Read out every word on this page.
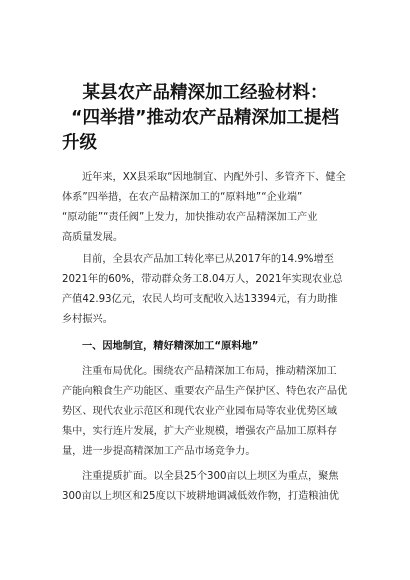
某县农产品精深加工经验材料：
“四举措”推动农产品精深加工提档
升级
近年来，XX县采取“因地制宜、内配外引、多管齐下、健全
体系”四举措，在农产品精深加工的“原料地”“企业端”
“原动能”“责任阀”上发力，加快推动农产品精深加工产业
高质量发展。
目前，全县农产品加工转化率已从2017年的14.9%增至
2021年的60%，带动群众务工8.04万人，2021年实现农业总
产值42.93亿元，农民人均可支配收入达13394元，有力助推
乡村振兴。
一、因地制宜，精好精深加工“原料地”
注重布局优化。围绕农产品精深加工布局，推动精深加工
产能向粮食生产功能区、重要农产品生产保护区、特色农产品优
势区、现代农业示范区和现代农业产业园布局等农业优势区域
集中，实行连片发展，扩大产业规模，增强农产品加工原料存
量，进一步提高精深加工产品市场竞争力。
注重提质扩面。以全县25个300亩以上坝区为重点，聚焦
300亩以上坝区和25度以下坡耕地调减低效作物，打造粮油优
